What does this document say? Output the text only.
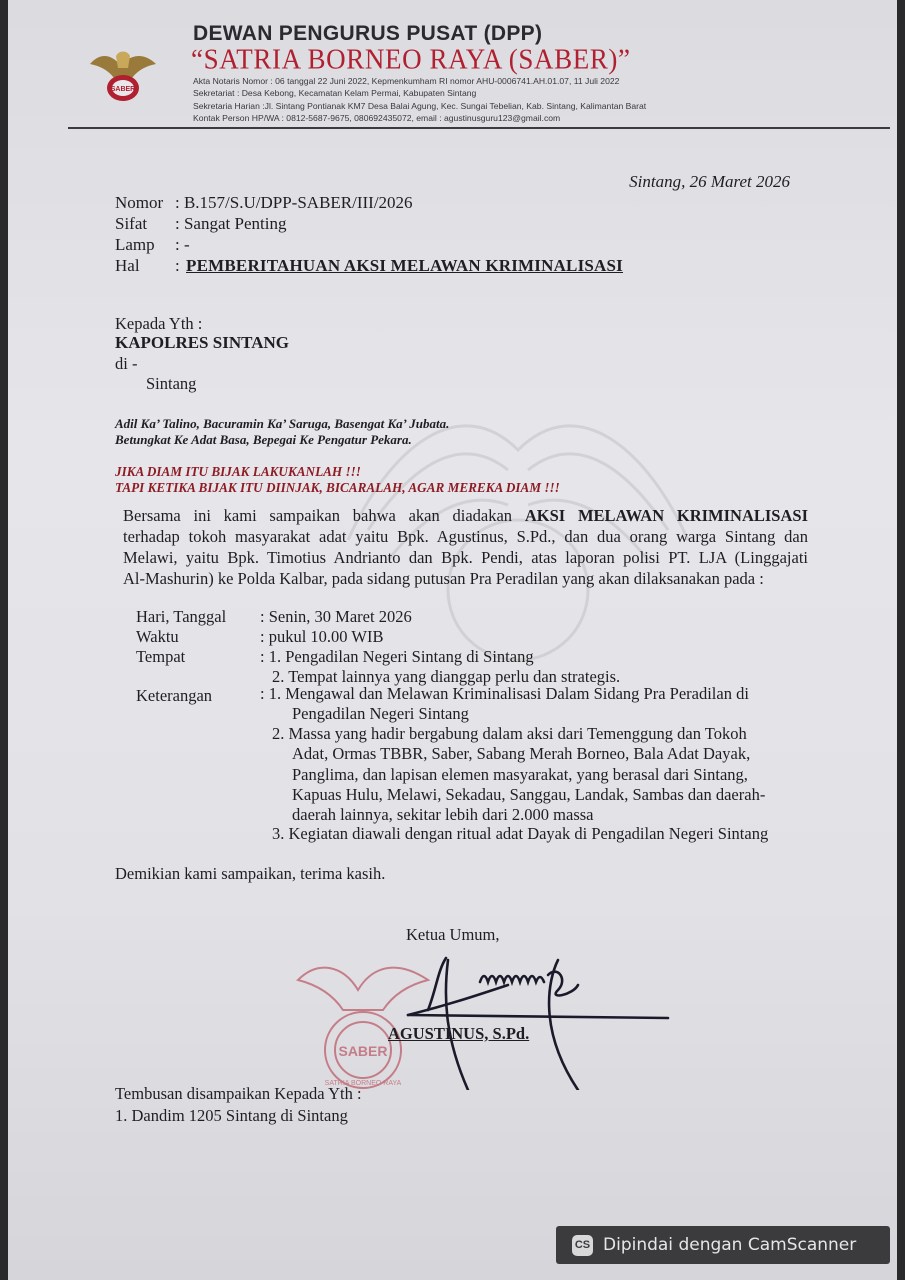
SABER
DEWAN PENGURUS PUSAT (DPP)
“SATRIA BORNEO RAYA (SABER)”
Akta Notaris Nomor : 06 tanggal 22 Juni 2022, Kepmenkumham RI nomor AHU-0006741.AH.01.07, 11 Juli 2022
Sekretariat : Desa Kebong, Kecamatan Kelam Permai, Kabupaten Sintang
Sekretaria Harian :Jl. Sintang Pontianak KM7 Desa Balai Agung, Kec. Sungai Tebelian, Kab. Sintang, Kalimantan Barat
Kontak Person HP/WA : 0812-5687-9675, 080692435072, email : agustinusguru123@gmail.com
Sintang, 26 Maret 2026
Nomor : B.157/S.U/DPP-SABER/III/2026
Sifat : Sangat Penting
Lamp : -
Hal : PEMBERITAHUAN AKSI MELAWAN KRIMINALISASI
Kepada Yth :
KAPOLRES SINTANG
di -
Sintang
Adil Ka’ Talino, Bacuramin Ka’ Saruga, Basengat Ka’ Jubata.
Betungkat Ke Adat Basa, Bepegai Ke Pengatur Pekara.
JIKA DIAM ITU BIJAK LAKUKANLAH !!!
TAPI KETIKA BIJAK ITU DIINJAK, BICARALAH, AGAR MEREKA DIAM !!!
Bersama ini kami sampaikan bahwa akan diadakan AKSI MELAWAN KRIMINALISASI
terhadap tokoh masyarakat adat yaitu Bpk. Agustinus, S.Pd., dan dua orang warga Sintang dan
Melawi, yaitu Bpk. Timotius Andrianto dan Bpk. Pendi, atas laporan polisi PT. LJA (Linggajati
Al-Mashurin) ke Polda Kalbar, pada sidang putusan Pra Peradilan yang akan dilaksanakan pada :
Hari, Tanggal : Senin, 30 Maret 2026
Waktu	: pukul 10.00 WIB
Tempat	: 1. Pengadilan Negeri Sintang di Sintang
2. Tempat lainnya yang dianggap perlu dan strategis.
Keterangan	: 1. Mengawal dan Melawan Kriminalisasi Dalam Sidang Pra Peradilan di
Pengadilan Negeri Sintang
2. Massa yang hadir bergabung dalam aksi dari Temenggung dan Tokoh
Adat, Ormas TBBR, Saber, Sabang Merah Borneo, Bala Adat Dayak,
Panglima, dan lapisan elemen masyarakat, yang berasal dari Sintang,
Kapuas Hulu, Melawi, Sekadau, Sanggau, Landak, Sambas dan daerah-
daerah lainnya, sekitar lebih dari 2.000 massa
3. Kegiatan diawali dengan ritual adat Dayak di Pengadilan Negeri Sintang
Demikian kami sampaikan, terima kasih.
Ketua Umum,
SABER
SATRIA BORNEO RAYA
AGUSTINUS, S.Pd.
Tembusan disampaikan Kepada Yth :
1. Dandim 1205 Sintang di Sintang
CS Dipindai dengan CamScanner
